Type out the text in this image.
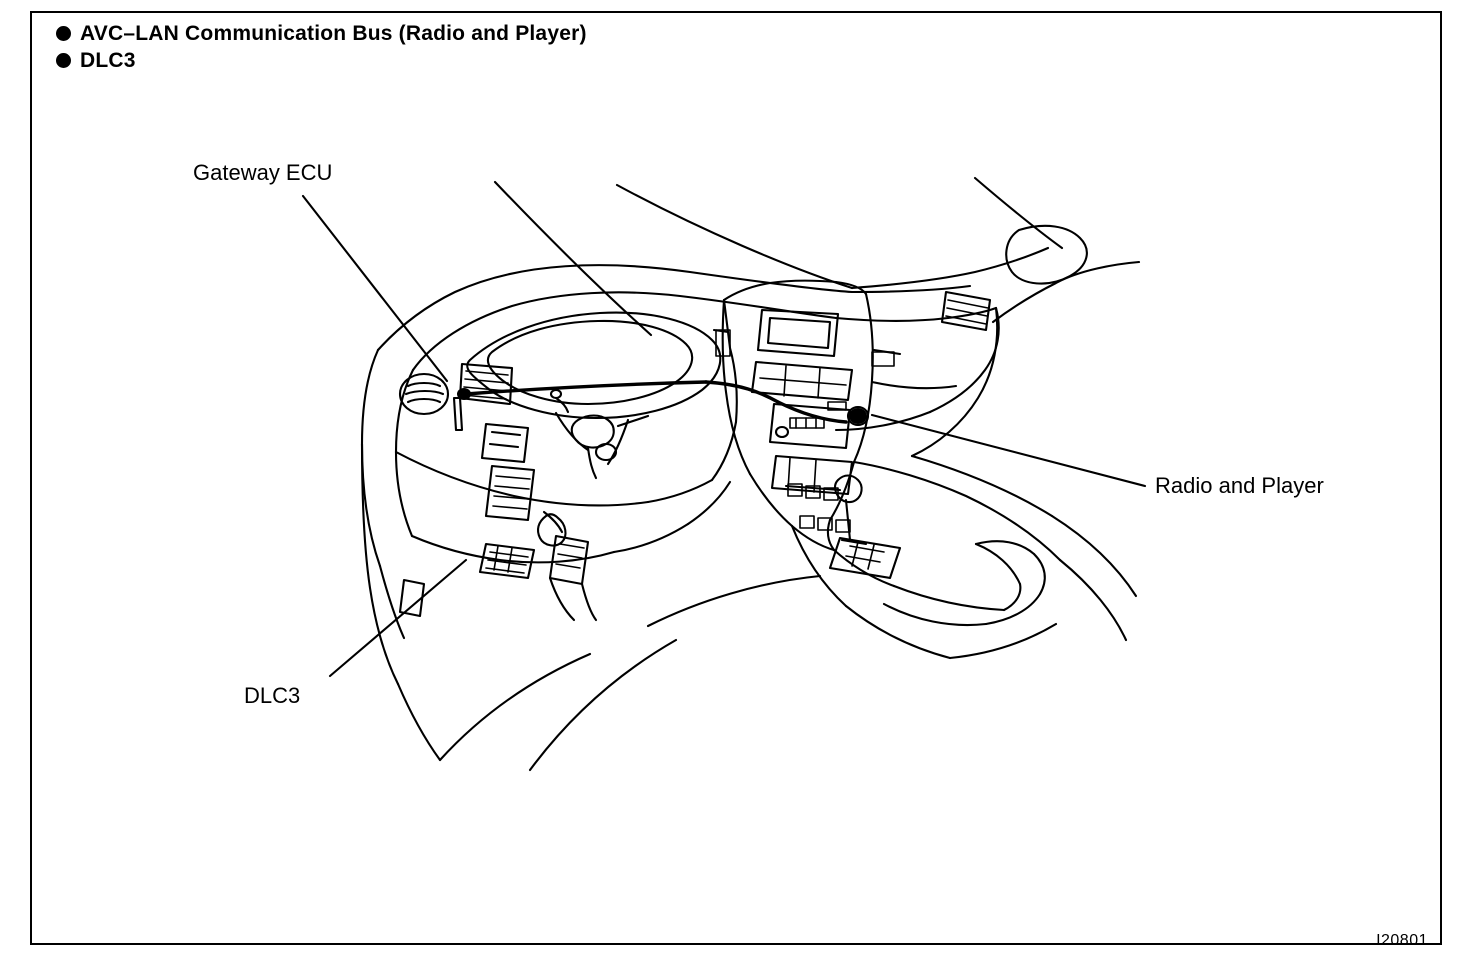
AVC–LAN Communication Bus (Radio and Player)
DLC3
Gateway ECU
Radio and Player
DLC3
I20801
